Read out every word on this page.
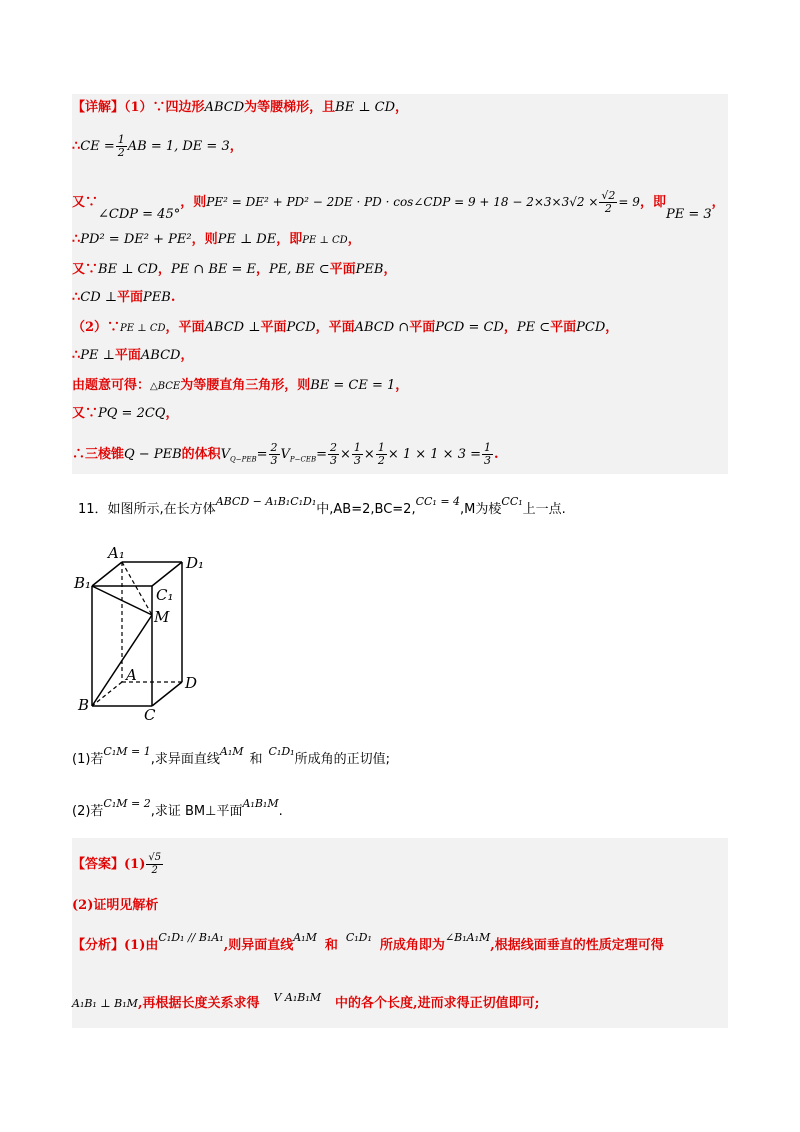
【详解】（1）∵四边形ABCD为等腰梯形，且BE ⊥ CD，
∴CE = $\frac{1}{2}$ AB = 1, DE = 3，
又∵∠CDP = 45°，则PE² = DE² + PD² − 2DE · PD · cos∠CDP = $9 + 18 - 2\times 3\times 3√2 \times \frac{√2}{2} = 9$，即PE = 3，
∴PD² = DE² + PE²，则PE ⊥ DE，即PE ⊥ CD，
又∵BE ⊥ CD，PE ∩ BE = E，PE, BE ⊂平面PEB，
∴CD ⊥平面PEB.
（2）∵PE ⊥ CD，平面ABCD ⊥平面PCD，平面ABCD ∩平面PCD = CD，PE ⊂平面PCD，
∴PE ⊥平面ABCD，
由题意可得：△BCE为等腰直角三角形，则BE = CE = 1，
又∵PQ = 2CQ，
∴三棱锥Q − PEB的体积$V_{Q-PEB}= \frac{2}{3} V_{P-CEB}= \frac{2}{3} \times \frac{1}{3} \times \frac{1}{2} \times 1 \times 1 \times 3 = \frac{1}{3}$ .
11．如图所示,在长方体$^{ABCD - A_1B_1C_1D_1}$中,AB=2,BC=2,$^{CC_1 = 4}$,M为棱$^{CC_1}$上一点.
A₁
D₁
B₁
C₁
M
A	D
B
C
(1)若$^{C_1M = 1}$,求异面直线$^{A_1M}$和$^{C_1D_1}$所成角的正切值;
(2)若$^{C_1M = 2}$,求证 BM⊥平面$^{A_1B_1M}$.
【答案】$(1) \frac{√5}{2}$
(2)证明见解析
【分析】(1)由$^{C_1D_1 // B_1A_1}$,则异面直线$^{A_1M}$和$^{C_1D_1}$所成角即为$^{\angle B_1A_1M}$,根据线面垂直的性质定理可得
A₁B₁ ⊥ B₁M,再根据长度关系求得 $^{V A_1B_1M}$ 中的各个长度,进而求得正切值即可;
